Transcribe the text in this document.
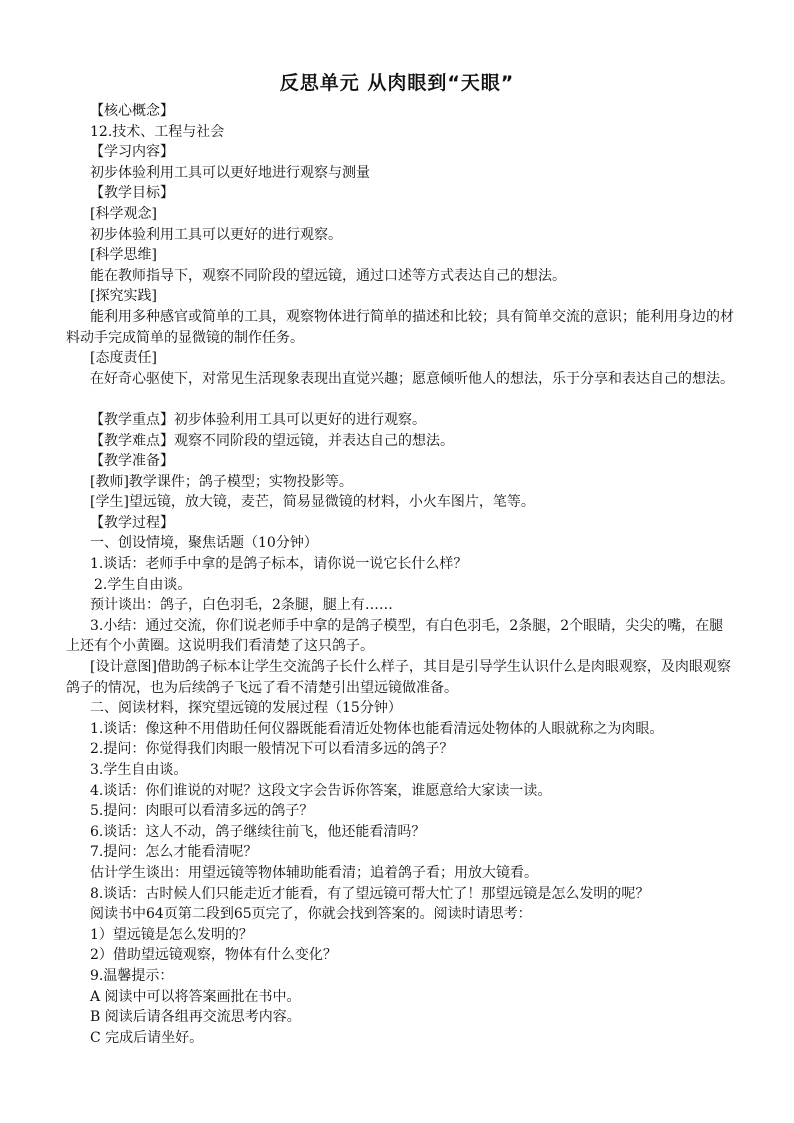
反思单元 从肉眼到“天眼”
【核心概念】
12.技术、工程与社会
【学习内容】
初步体验利用工具可以更好地进行观察与测量
【教学目标】
[科学观念]
初步体验利用工具可以更好的进行观察。
[科学思维]
能在教师指导下，观察不同阶段的望远镜，通过口述等方式表达自己的想法。
[探究实践]
能利用多种感官或简单的工具，观察物体进行简单的描述和比较；具有简单交流的意识；能利用身边的材料动手完成简单的显微镜的制作任务。
[态度责任]
在好奇心驱使下，对常见生活现象表现出直觉兴趣；愿意倾听他人的想法，乐于分享和表达自己的想法。
【教学重点】初步体验利用工具可以更好的进行观察。
【教学难点】观察不同阶段的望远镜，并表达自己的想法。
【教学准备】
[教师]教学课件；鸽子模型；实物投影等。
[学生]望远镜，放大镜，麦芒，简易显微镜的材料，小火车图片，笔等。
【教学过程】
一、创设情境，聚焦话题（10分钟）
1.谈话：老师手中拿的是鸽子标本，请你说一说它长什么样？
2.学生自由谈。
预计谈出：鸽子，白色羽毛，2条腿，腿上有……
3.小结：通过交流，你们说老师手中拿的是鸽子模型，有白色羽毛，2条腿，2个眼睛，尖尖的嘴，在腿上还有个小黄圈。这说明我们看清楚了这只鸽子。
[设计意图]借助鸽子标本让学生交流鸽子长什么样子，其目是引导学生认识什么是肉眼观察，及肉眼观察鸽子的情况，也为后续鸽子飞远了看不清楚引出望远镜做准备。
二、阅读材料，探究望远镜的发展过程（15分钟）
1.谈话：像这种不用借助任何仪器既能看清近处物体也能看清远处物体的人眼就称之为肉眼。
2.提问：你觉得我们肉眼一般情况下可以看清多远的鸽子？
3.学生自由谈。
4.谈话：你们谁说的对呢？这段文字会告诉你答案，谁愿意给大家读一读。
5.提问：肉眼可以看清多远的鸽子？
6.谈话：这人不动，鸽子继续往前飞，他还能看清吗？
7.提问：怎么才能看清呢？
估计学生谈出：用望远镜等物体辅助能看清；追着鸽子看；用放大镜看。
8.谈话：古时候人们只能走近才能看，有了望远镜可帮大忙了！那望远镜是怎么发明的呢？
阅读书中64页第二段到65页完了，你就会找到答案的。阅读时请思考：
1）望远镜是怎么发明的？
2）借助望远镜观察，物体有什么变化？
9.温馨提示：
A 阅读中可以将答案画批在书中。
B 阅读后请各组再交流思考内容。
C 完成后请坐好。
